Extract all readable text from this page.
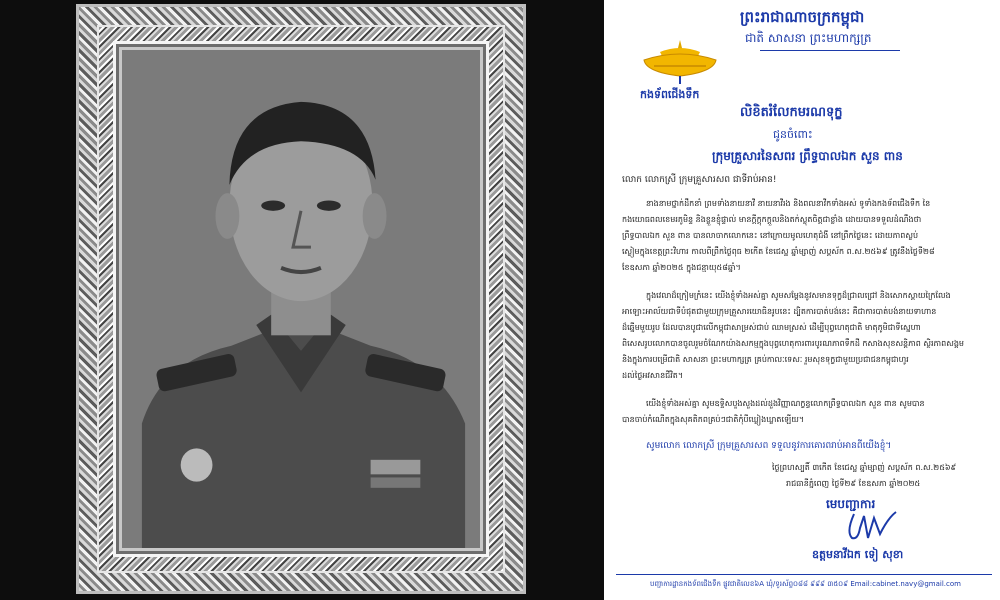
កងទ័ពជើងទឹក
ព្រះរាជាណាចក្រកម្ពុជា
ជាតិ សាសនា ព្រះមហាក្សត្រ
លិខិតរំលែកមរណទុក្ខ
ជូនចំពោះ
ក្រុមគ្រួសារនៃសពរ ព្រឹទ្ធបាលឯក សួន ពាន
លោក លោកស្រី ក្រុមគ្រួសារសព ជាទីរាប់អាន!
នាងនាមថ្នាក់ដឹកនាំ ព្រមទាំងនាយនាវី នាយនាវីរង និងពលនាវីកទាំងអស់ ទូទាំងកងទ័ពជើងទឹក នៃ
កងយោធពលខេមរភូមិន្ទ និងខ្លួនខ្ញុំផ្ទាល់ មានក្តីក្តុកក្តួលនិងតក់ស្លុតចិត្តជាខ្លាំង ដោយបានទទួលដំណឹងថា
ព្រឹទ្ធបាលឯក សួន ពាន បានលាចាកលោកនេះ នៅក្រោយមូលហេតុជំងឺ នៅព្រឹកថ្ងៃនេះ ដោយភាពស្ងប់
ស្ងៀមក្នុងខេត្តព្រះវិហារ កាលពីព្រឹកថ្ងៃពុធ ២កើត ខែជេស្ឋ ឆ្នាំម្សាញ់ សប្តស័ក ព.ស.២៥៦៩ ត្រូវនឹងថ្ងៃទី២៨
ខែឧសភា ឆ្នាំ២០២៥ ក្នុងជន្មាយុ៥៨ឆ្នាំ។
ក្នុងវេលាដ៏ក្រៀមក្រំនេះ យើងខ្ញុំទាំងអស់គ្នា សូមសម្តែងនូវសមានទុក្ខដ៏ជ្រាលជ្រៅ និងសោកស្តាយក្រៃលែង
អាឡោះអាល័យជាទីបំផុតជាមួយក្រុមគ្រួសារយោធិនរូបនេះ ដ្បិតការបាត់បង់នេះ គឺជាការបាត់បង់នាយទាហាន
ដ៏ឆ្នើមមួយរូប ដែលបានបូជាលើកម្ពុជាសាម្រស់ជាប់ ឈាមស្រស់ ដើម្បីបុព្វហេតុជាតិ មាតុភូមិជាទីស្នេហា
ពិសេសរូបលោកបានចូលរួមចំណែកយ៉ាងសកម្មក្នុងបុព្វហេតុការពារបូរណភាពទឹកដី កសាងសុខសន្តិភាព ស្ថិរភាពសង្គម
និងក្នុងការបម្រើជាតិ សាសនា ព្រះមហាក្សត្រ គ្រប់កាលៈទេសៈ រួមសុខទុក្ខជាមួយប្រជាជនកម្ពុជាហូរ
ដល់ថ្ងៃអវសានជីវិត។
យើងខ្ញុំទាំងអស់គ្នា សូមឧទ្ទិសបួងសួងដល់ដួងវិញ្ញាណក្ខន្ធលោកព្រឹទ្ធបាលឯក សួន ពាន សូមបាន
បានចាប់កំណើតក្នុងសុគតិភពគ្រប់ៗជាតិកុំបីឃ្លៀងឃ្លាតឡើយ។
សូមលោក លោកស្រី ក្រុមគ្រួសារសព ទទួលនូវការគោរពរាប់អានពីយើងខ្ញុំ។
ថ្ងៃព្រហស្បតិ៍ ៣កើត ខែជេស្ឋ ឆ្នាំម្សាញ់ សប្តស័ក ព.ស.២៥៦៩
រាជធានីភ្នំពេញ ថ្ងៃទី២៩ ខែឧសភា ឆ្នាំ២០២៥
មេបញ្ជាការ
ឧត្តមនាវីឯក ទៀ សុខា
បញ្ជាការដ្ឋានកងទ័ពជើងទឹក ផ្លូវជាតិលេខ៦A ឃុំ/ទូរស័ព្ទ០៨៨ ៩៩៩ ៣៥០៩ Email:cabinet.navy@gmail.com
